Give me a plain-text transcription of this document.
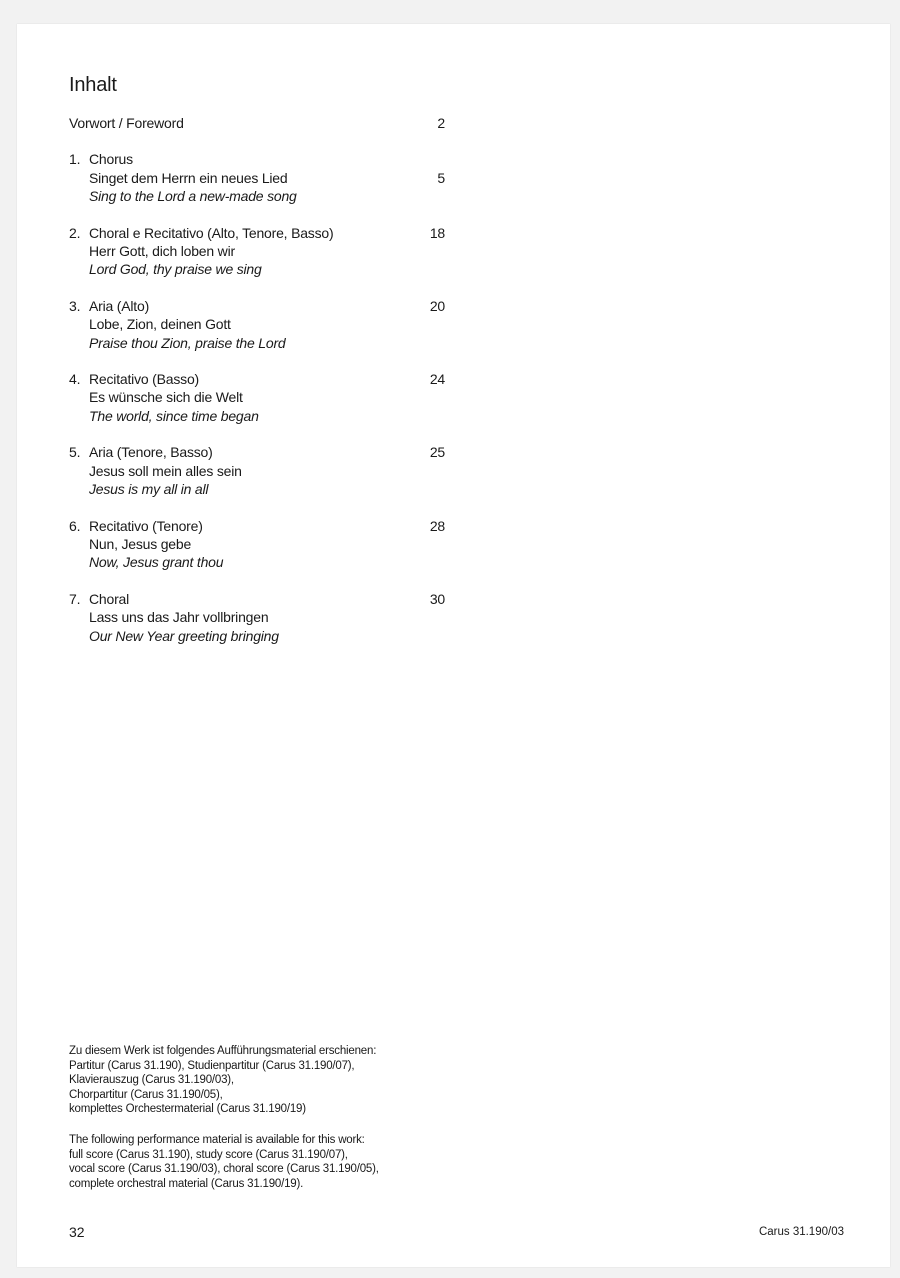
Inhalt
Vorwort / Foreword	2
1. Chorus
Singet dem Herrn ein neues Lied
Sing to the Lord a new-made song
5
2. Choral e Recitativo (Alto, Tenore, Basso)
Herr Gott, dich loben wir
Lord God, thy praise we sing
18
3. Aria (Alto)
Lobe, Zion, deinen Gott
Praise thou Zion, praise the Lord
20
4. Recitativo (Basso)
Es wünsche sich die Welt
The world, since time began
24
5. Aria (Tenore, Basso)
Jesus soll mein alles sein
Jesus is my all in all
25
6. Recitativo (Tenore)
Nun, Jesus gebe
Now, Jesus grant thou
28
7. Choral
Lass uns das Jahr vollbringen
Our New Year greeting bringing
30

Zu diesem Werk ist folgendes Aufführungsmaterial erschienen:
Partitur (Carus 31.190), Studienpartitur (Carus 31.190/07),
Klavierauszug (Carus 31.190/03),
Chorpartitur (Carus 31.190/05),
komplettes Orchestermaterial (Carus 31.190/19)

The following performance material is available for this work:
full score (Carus 31.190), study score (Carus 31.190/07),
vocal score (Carus 31.190/03), choral score (Carus 31.190/05),
complete orchestral material (Carus 31.190/19).

32	Carus 31.190/03
